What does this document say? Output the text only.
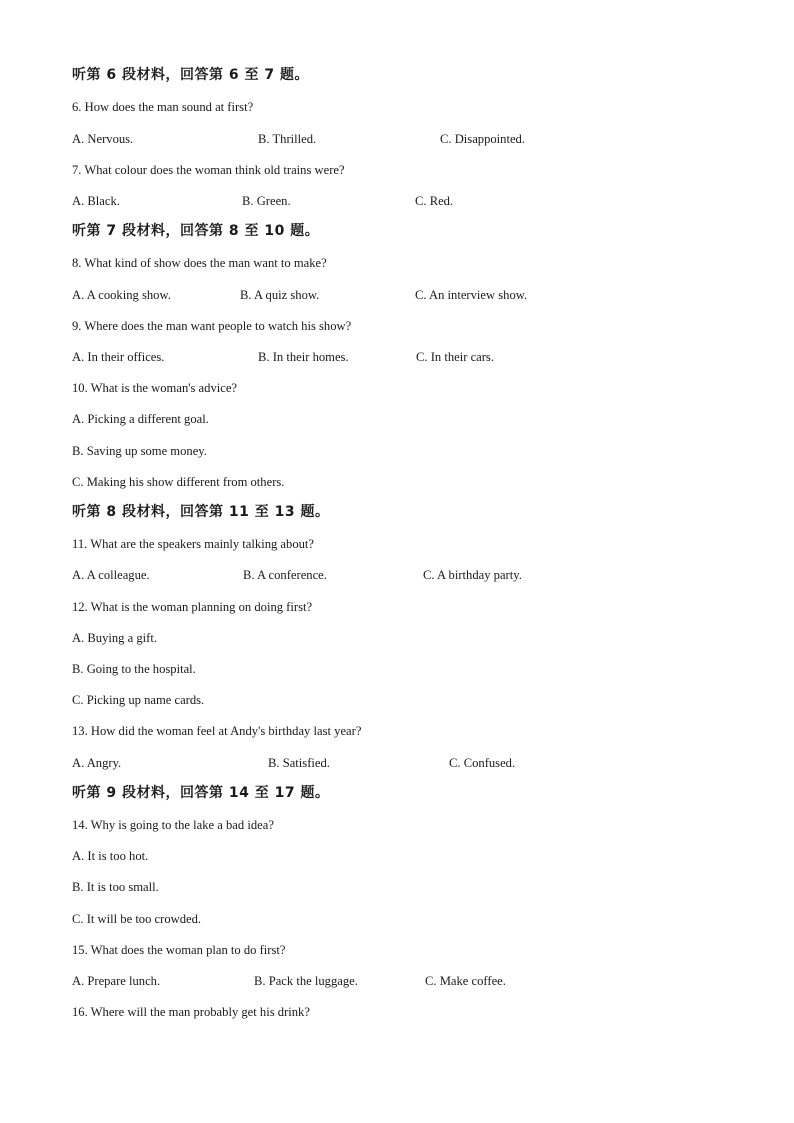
听第 6 段材料，回答第 6 至 7 题。
6. How does the man sound at first?
A. Nervous.	B. Thrilled.	C. Disappointed.
7. What colour does the woman think old trains were?
A. Black.	B. Green.	C. Red.
听第 7 段材料，回答第 8 至 10 题。
8. What kind of show does the man want to make?
A. A cooking show.	B. A quiz show.	C. An interview show.
9. Where does the man want people to watch his show?
A. In their offices.	B. In their homes.	C. In their cars.
10. What is the woman's advice?
A. Picking a different goal.
B. Saving up some money.
C. Making his show different from others.
听第 8 段材料，回答第 11 至 13 题。
11. What are the speakers mainly talking about?
A. A colleague.	B. A conference.	C. A birthday party.
12. What is the woman planning on doing first?
A. Buying a gift.
B. Going to the hospital.
C. Picking up name cards.
13. How did the woman feel at Andy's birthday last year?
A. Angry.	B. Satisfied.	C. Confused.
听第 9 段材料，回答第 14 至 17 题。
14. Why is going to the lake a bad idea?
A. It is too hot.
B. It is too small.
C. It will be too crowded.
15. What does the woman plan to do first?
A. Prepare lunch.	B. Pack the luggage.	C. Make coffee.
16. Where will the man probably get his drink?
